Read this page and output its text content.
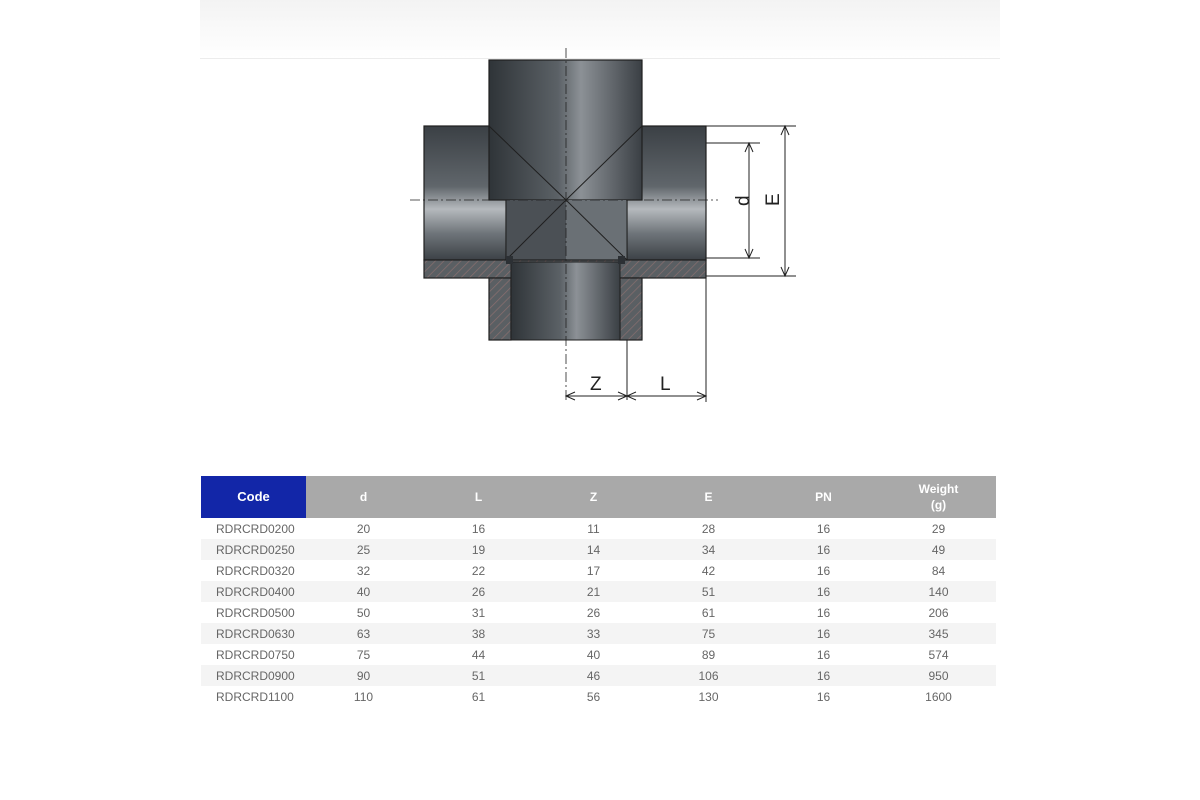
d E
Z	L
Code	d	L	Z	E	PN	Weight
(g)
RDRCRD0200	20	16	11	28	16	29
RDRCRD0250	25	19	14	34	16	49
RDRCRD0320	32	22	17	42	16	84
RDRCRD0400	40	26	21	51	16	140
RDRCRD0500	50	31	26	61	16	206
RDRCRD0630	63	38	33	75	16	345
RDRCRD0750	75	44	40	89	16	574
RDRCRD0900	90	51	46	106	16	950
RDRCRD1100	110	61	56	130	16	1600
